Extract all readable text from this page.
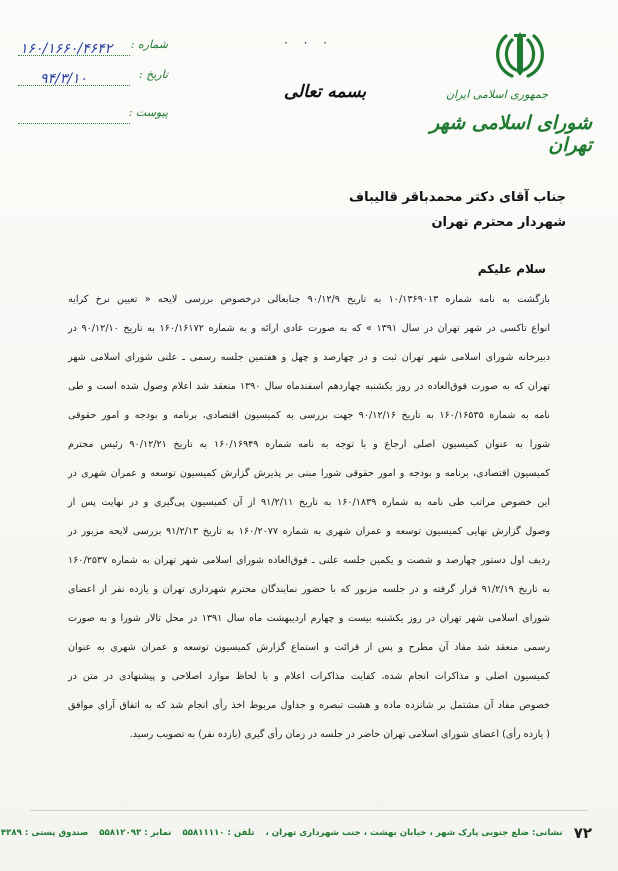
جمهوری اسلامی ایران
شورای اسلامی شهر تهران
· · ·
بسمه تعالی
شماره :
۱۶۰/۱۶۶۰/۴۶۴۲
تاریخ :
۹۴/۳/۱۰
پیوست :
جناب آقای دکتر محمدباقر قالیباف
شهردار محترم تهران
سلام علیکم
بازگشت به نامه شماره ۱۰/۱۳۶۹۰۱۳ به تاریخ ۹۰/۱۲/۹ جنابعالی درخصوص بررسی لایحه « تعیین نرخ کرایه
انواع تاکسی در شهر تهران در سال ۱۳۹۱ » که به صورت عادی ارائه و به شماره ۱۶۰/۱۶۱۷۲ به تاریخ ۹۰/۱۲/۱۰ در
دبیرخانه شورای اسلامی شهر تهران ثبت و در چهارصد و چهل و هفتمین جلسه رسمی ـ علنی شورای اسلامی شهر
تهران که به صورت فوق‌العاده در روز یکشنبه چهاردهم اسفندماه سال ۱۳۹۰ منعقد شد اعلام وصول شده است و طی
نامه به شماره ۱۶۰/۱۶۵۳۵ به تاریخ ۹۰/۱۲/۱۶ جهت بررسی به کمیسیون اقتصادی، برنامه و بودجه و امور حقوقی
شورا به عنوان کمیسیون اصلی ارجاع و با توجه به نامه شماره ۱۶۰/۱۶۹۴۹ به تاریخ ۹۰/۱۲/۲۱ رئیس محترم
کمیسیون اقتصادی، برنامه و بودجه و امور حقوقی شورا مبنی بر پذیرش گزارش کمیسیون توسعه و عمران شهری در
این خصوص مراتب طی نامه به شماره ۱۶۰/۱۸۳۹ به تاریخ ۹۱/۲/۱۱ از آن کمیسیون پی‌گیری و در نهایت پس از
وصول گزارش نهایی کمیسیون توسعه و عمران شهری به شماره ۱۶۰/۲۰۷۷ به تاریخ ۹۱/۲/۱۳ بررسی لایحه مزبور در
ردیف اول دستور چهارصد و شصت و یکمین جلسه علنی ـ فوق‌العاده شورای اسلامی شهر تهران به شماره ۱۶۰/۲۵۳۷
به تاریخ ۹۱/۲/۱۹ قرار گرفته و در جلسه مزبور که با حضور نمایندگان محترم شهرداری تهران و یازده نفر از اعضای
شورای اسلامی شهر تهران در روز یکشنبه بیست و چهارم اردیبهشت ماه سال ۱۳۹۱ در محل تالار شورا و به صورت
رسمی منعقد شد مفاد آن مطرح و پس از قرائت و استماع گزارش کمیسیون توسعه و عمران شهری به عنوان
کمیسیون اصلی و مذاکرات انجام شده، کفایت مذاکرات اعلام و با لحاظ موارد اصلاحی و پیشنهادی در متن در
خصوص مفاد آن مشتمل بر شانزده ماده و هشت تبصره و جداول مربوط اخذ رأی انجام شد که به اتفاق آرای موافق
( یازده رأی) اعضای شورای اسلامی تهران حاضر در جلسه در زمان رأی گیری (یازده نفر) به تصویب رسید.
۷۲ نشانی: ضلع جنوبی پارک شهر ، خیابان بهشت ، جنب شهرداری تهران ، تلفن : ۵۵۸۱۱۱۱۰ نمابر : ۵۵۸۱۲۰۹۳ صندوق پستی : ۴۳۸۹
